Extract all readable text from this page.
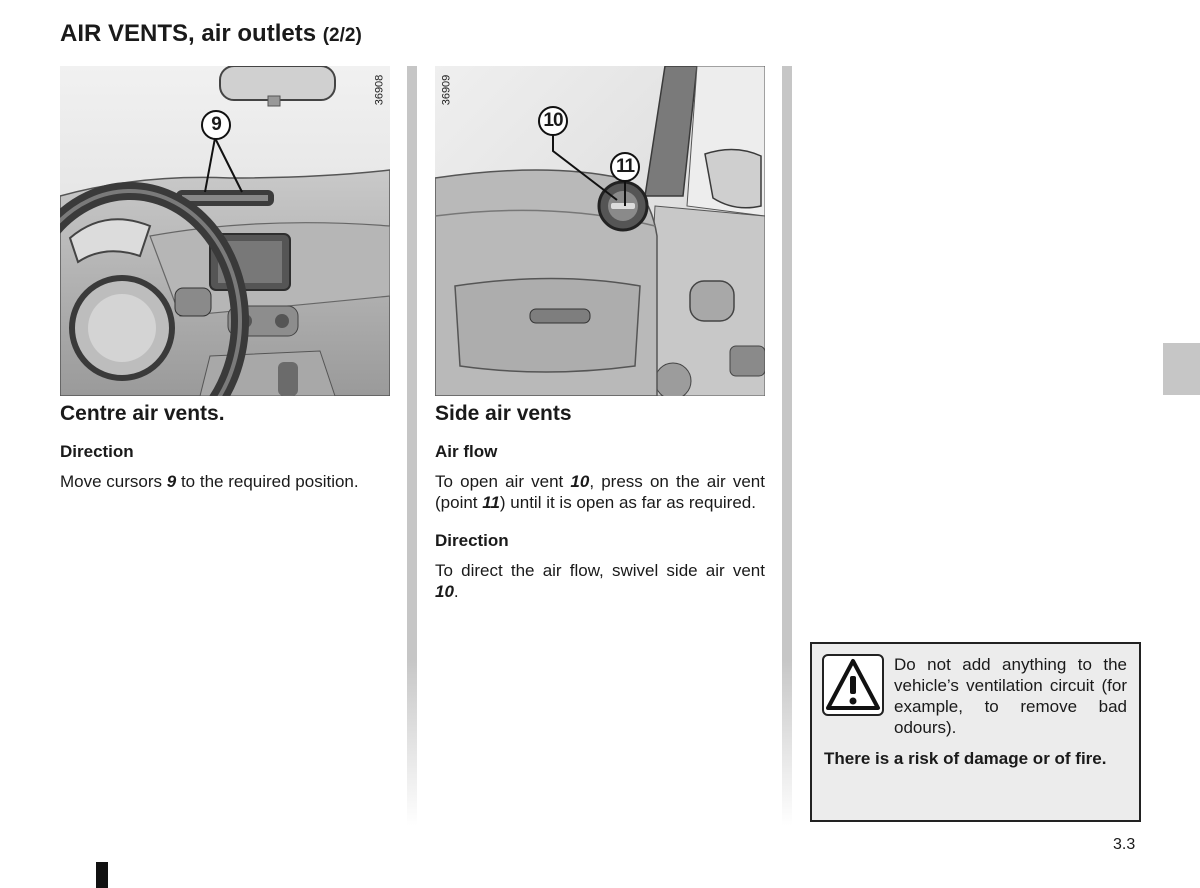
AIR VENTS, air outlets (2/2)
36908
9
36909
10
11
Centre air vents.
Direction
Move cursors 9 to the required position.
Side air vents
Air flow
To open air vent 10, press on the air vent (point 11) until it is open as far as required.
Direction
To direct the air flow, swivel side air vent 10.
Do not add anything to the vehicle’s ventilation circuit (for example, to remove bad odours).
There is a risk of damage or of fire.
3.3
